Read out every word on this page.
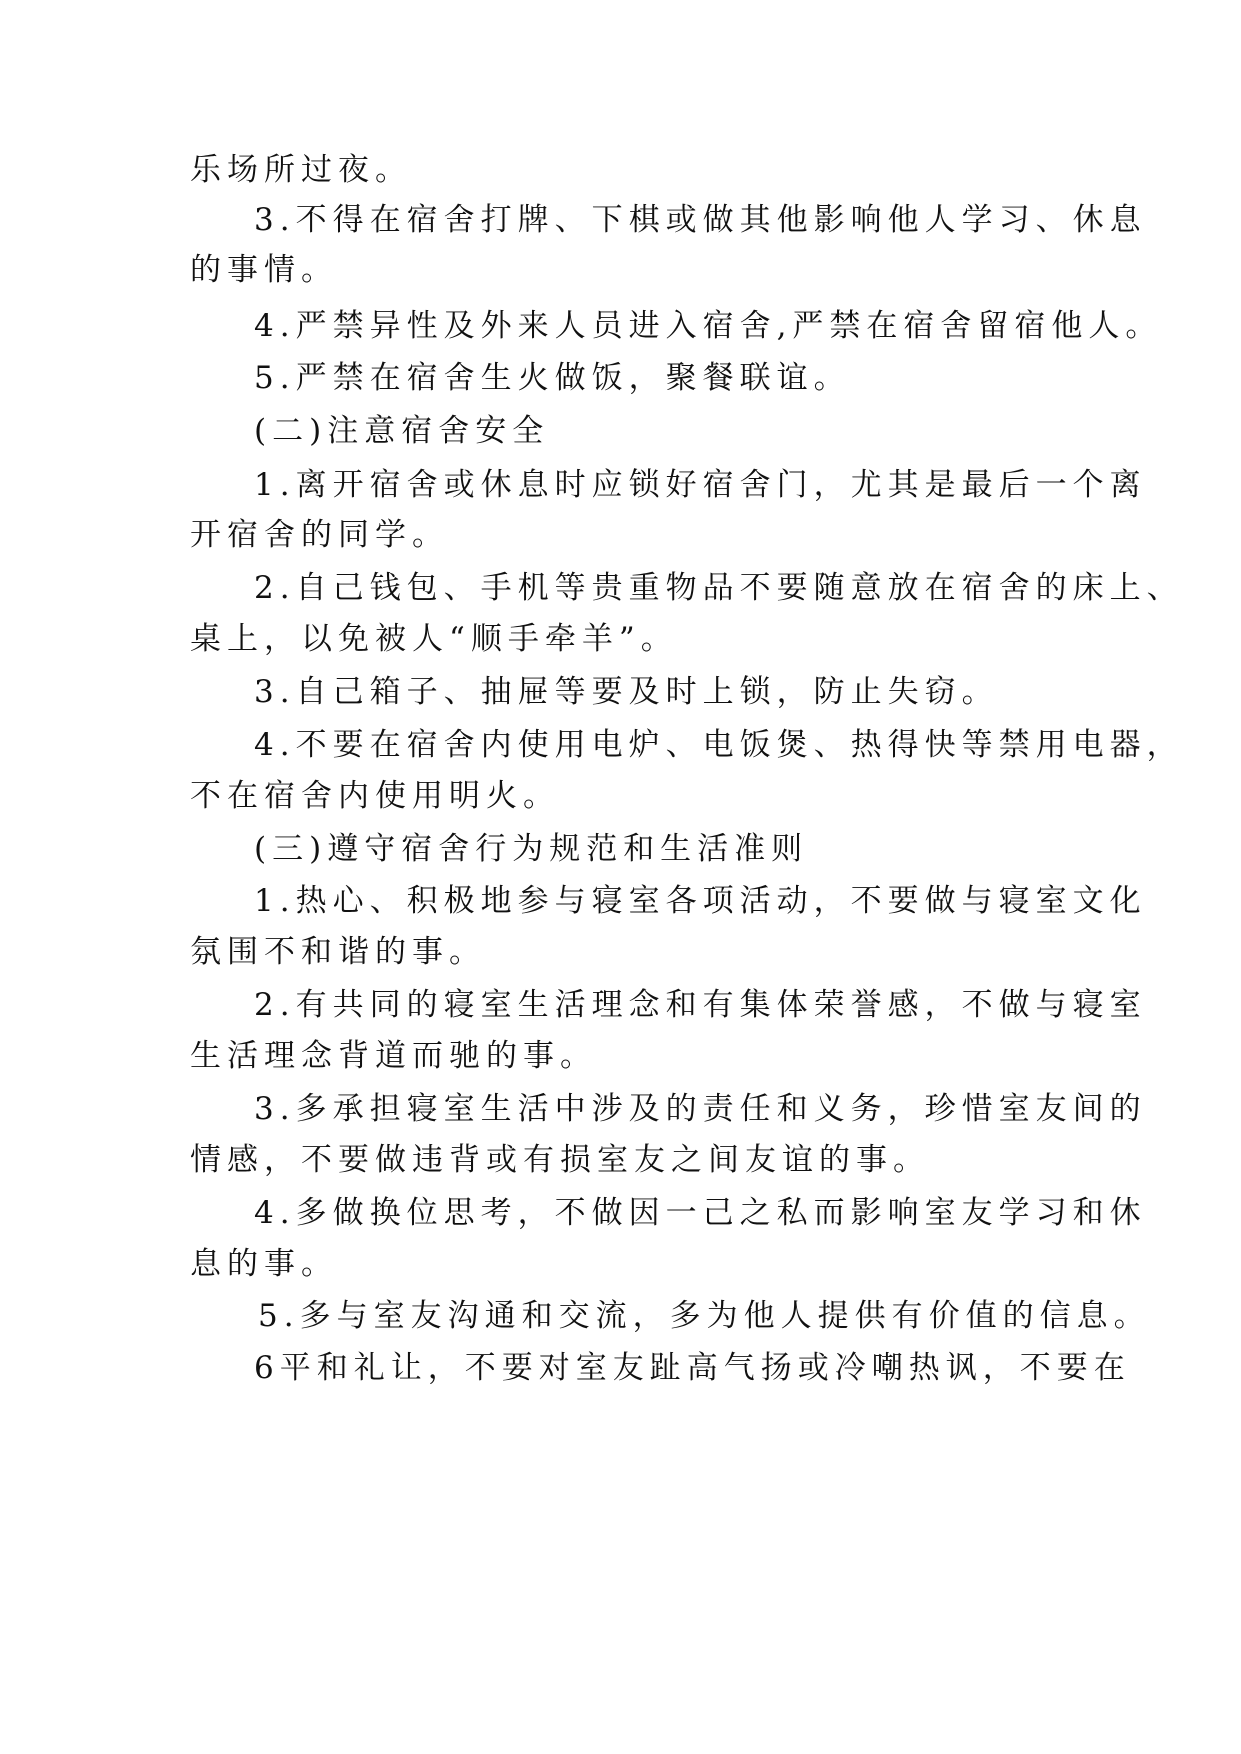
乐场所过夜。
3.不得在宿舍打牌、下棋或做其他影响他人学习、休息
的事情。
4.严禁异性及外来人员进入宿舍,严禁在宿舍留宿他人。
5.严禁在宿舍生火做饭，聚餐联谊。
(二)注意宿舍安全
1.离开宿舍或休息时应锁好宿舍门，尤其是最后一个离
开宿舍的同学。
2.自己钱包、手机等贵重物品不要随意放在宿舍的床上、
桌上，以免被人“顺手牵羊”。
3.自己箱子、抽屉等要及时上锁，防止失窃。
4.不要在宿舍内使用电炉、电饭煲、热得快等禁用电器，
不在宿舍内使用明火。
(三)遵守宿舍行为规范和生活准则
1.热心、积极地参与寝室各项活动，不要做与寝室文化
氛围不和谐的事。
2.有共同的寝室生活理念和有集体荣誉感，不做与寝室
生活理念背道而驰的事。
3.多承担寝室生活中涉及的责任和义务，珍惜室友间的
情感，不要做违背或有损室友之间友谊的事。
4.多做换位思考，不做因一己之私而影响室友学习和休
息的事。
5.多与室友沟通和交流，多为他人提供有价值的信息。
6平和礼让，不要对室友趾高气扬或冷嘲热讽，不要在
